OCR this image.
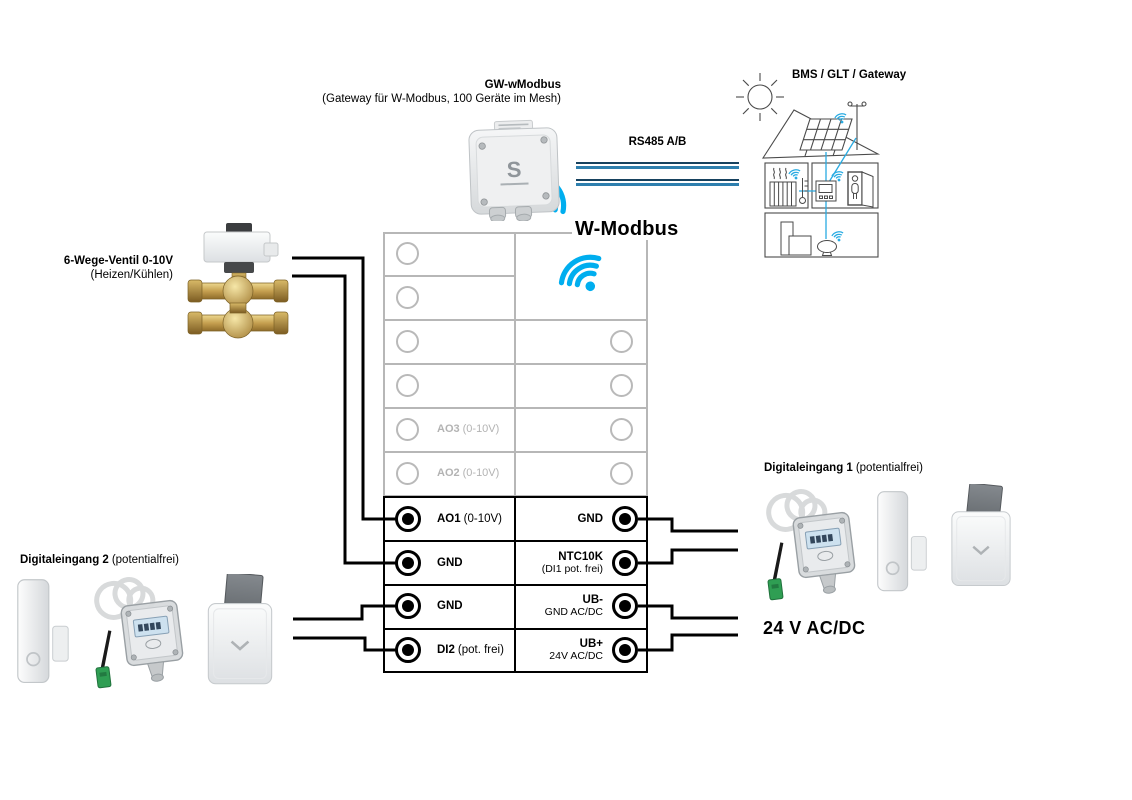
AO3 (0-10V)
AO2 (0-10V)
AO1 (0-10V)
GND
GND
DI2 (pot. frei)
GND
NTC10K
(DI1 pot. frei)
UB-
GND AC/DC
UB+
24V AC/DC
GW-wModbus
(Gateway für W-Modbus, 100 Geräte im Mesh)
RS485 A/B
W-Modbus
BMS / GLT / Gateway
6-Wege-Ventil 0-10V
(Heizen/Kühlen)
Digitaleingang 2 (potentialfrei)
Digitaleingang 1 (potentialfrei)
24 V AC/DC
S
